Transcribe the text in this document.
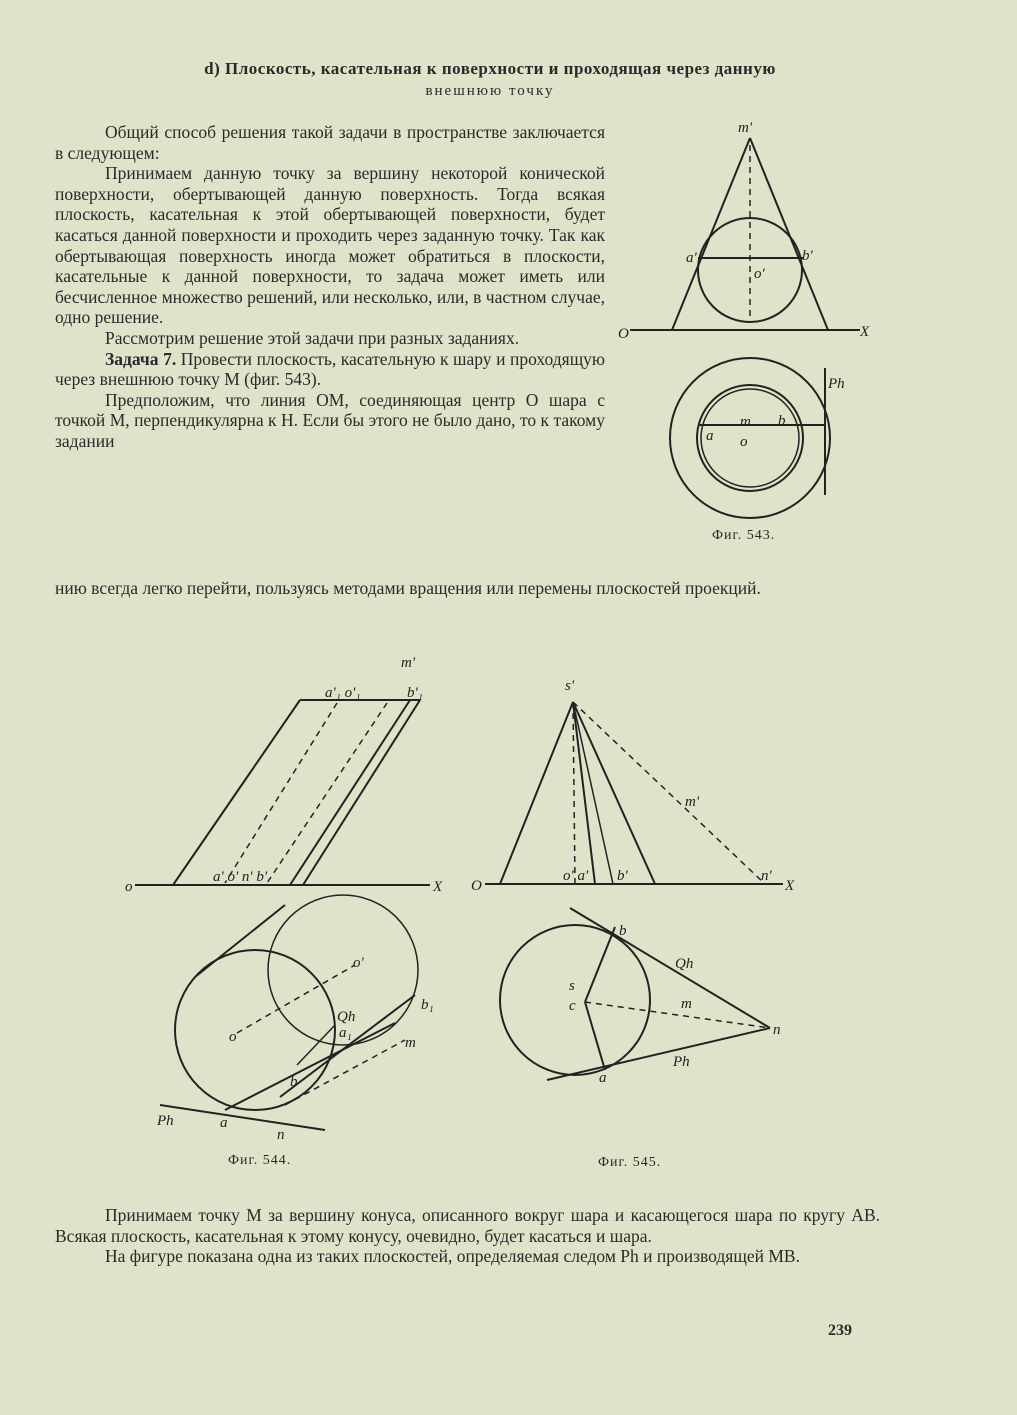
d) Плоскость, касательная к поверхности и проходящая через данную
внешнюю точку

Общий способ решения такой задачи в пространстве заключается в следующем:

Принимаем данную точку за вершину некоторой конической поверхности, обертывающей данную поверхность. Тогда всякая плоскость, касательная к этой обертывающей поверхности, будет касаться данной поверхности и проходить через заданную точку. Так как обертывающая поверхность иногда может обратиться в плоскости, касательные к данной поверхности, то задача может иметь или бесчисленное множество решений, или несколько, или, в частном случае, одно решение.

Рассмотрим решение этой задачи при разных заданиях.

Задача 7. Провести плоскость, касательную к шару и проходящую через внешнюю точку M (фиг. 543).

Предположим, что линия OM, соединяющая центр O шара с точкой M, перпендикулярна к H. Если бы этого не было дано, то к такому задании

нию всегда легко перейти, пользуясь методами вращения или перемены плоскостей проекций.

m'
a'	b'
o'
O	X
Ph
m b
a o
Фиг. 543.
m'
a'₁ o'₁	b'₁
o
a' o' n' b'
X
o'
b₁
Qh
a₁
m
o
b
Ph	a
n
Фиг. 544.
s'
m'
O
o' a' b'	n'
X
b
Qh
s
c	m
n
Ph
a
Фиг. 545.

Принимаем точку M за вершину конуса, описанного вокруг шара и касающегося шара по кругу AB. Всякая плоскость, касательная к этому конусу, очевидно, будет касаться и шара.

На фигуре показана одна из таких плоскостей, определяемая следом Ph и производящей MB.

239
